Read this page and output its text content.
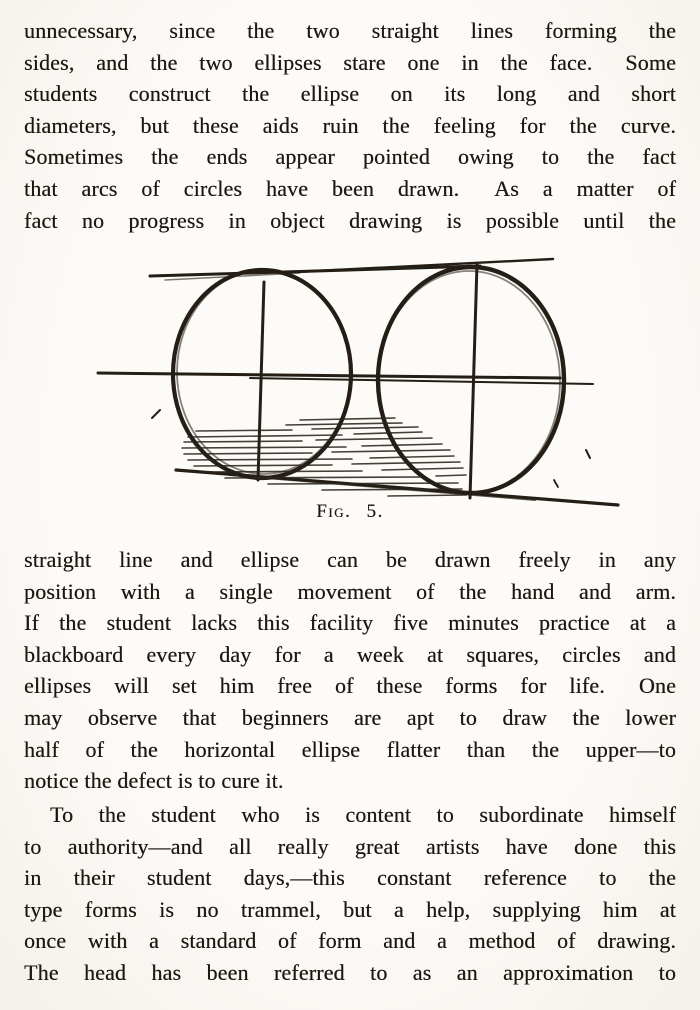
unnecessary, since the two straight lines forming the
sides, and the two ellipses stare one in the face.  Some
students construct the ellipse on its long and short
diameters, but these aids ruin the feeling for the curve.
Sometimes the ends appear pointed owing to the fact
that arcs of circles have been drawn.  As a matter of
fact no progress in object drawing is possible until the
Fig. 5.
straight line and ellipse can be drawn freely in any
position with a single movement of the hand and arm.
If the student lacks this facility five minutes practice at a
blackboard every day for a week at squares, circles and
ellipses will set him free of these forms for life.  One
may observe that beginners are apt to draw the lower
half of the horizontal ellipse flatter than the upper—to
notice the defect is to cure it.
To the student who is content to subordinate himself
to authority—and all really great artists have done this
in their student days,—this constant reference to the
type forms is no trammel, but a help, supplying him at
once with a standard of form and a method of drawing.
The head has been referred to as an approximation to
